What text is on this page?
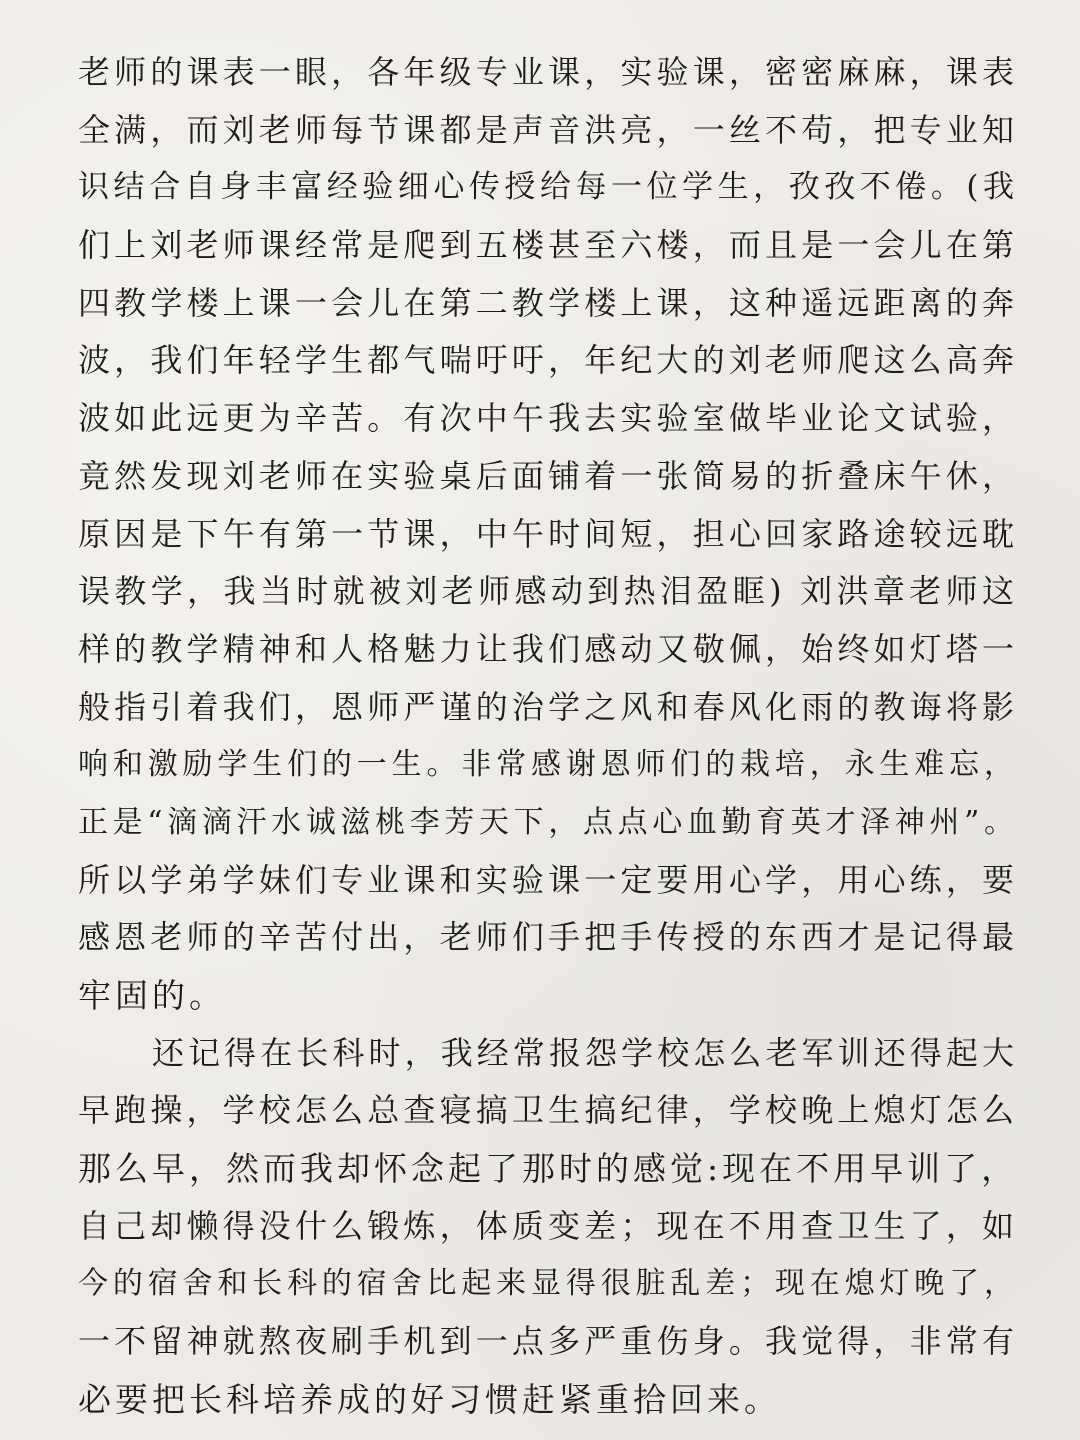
老师的课表一眼，各年级专业课，实验课，密密麻麻，课表
全满，而刘老师每节课都是声音洪亮，一丝不苟，把专业知
识结合自身丰富经验细心传授给每一位学生，孜孜不倦。(我
们上刘老师课经常是爬到五楼甚至六楼，而且是一会儿在第
四教学楼上课一会儿在第二教学楼上课，这种遥远距离的奔
波，我们年轻学生都气喘吁吁，年纪大的刘老师爬这么高奔
波如此远更为辛苦。有次中午我去实验室做毕业论文试验，
竟然发现刘老师在实验桌后面铺着一张简易的折叠床午休，
原因是下午有第一节课，中午时间短，担心回家路途较远耽
误教学，我当时就被刘老师感动到热泪盈眶) 刘洪章老师这
样的教学精神和人格魅力让我们感动又敬佩，始终如灯塔一
般指引着我们，恩师严谨的治学之风和春风化雨的教诲将影
响和激励学生们的一生。非常感谢恩师们的栽培，永生难忘，
正是“滴滴汗水诚滋桃李芳天下，点点心血勤育英才泽神州”。
所以学弟学妹们专业课和实验课一定要用心学，用心练，要
感恩老师的辛苦付出，老师们手把手传授的东西才是记得最
牢固的。
还记得在长科时，我经常报怨学校怎么老军训还得起大
早跑操，学校怎么总查寝搞卫生搞纪律，学校晚上熄灯怎么
那么早，然而我却怀念起了那时的感觉:现在不用早训了，
自己却懒得没什么锻炼，体质变差；现在不用查卫生了，如
今的宿舍和长科的宿舍比起来显得很脏乱差；现在熄灯晚了，
一不留神就熬夜刷手机到一点多严重伤身。我觉得，非常有
必要把长科培养成的好习惯赶紧重拾回来。
